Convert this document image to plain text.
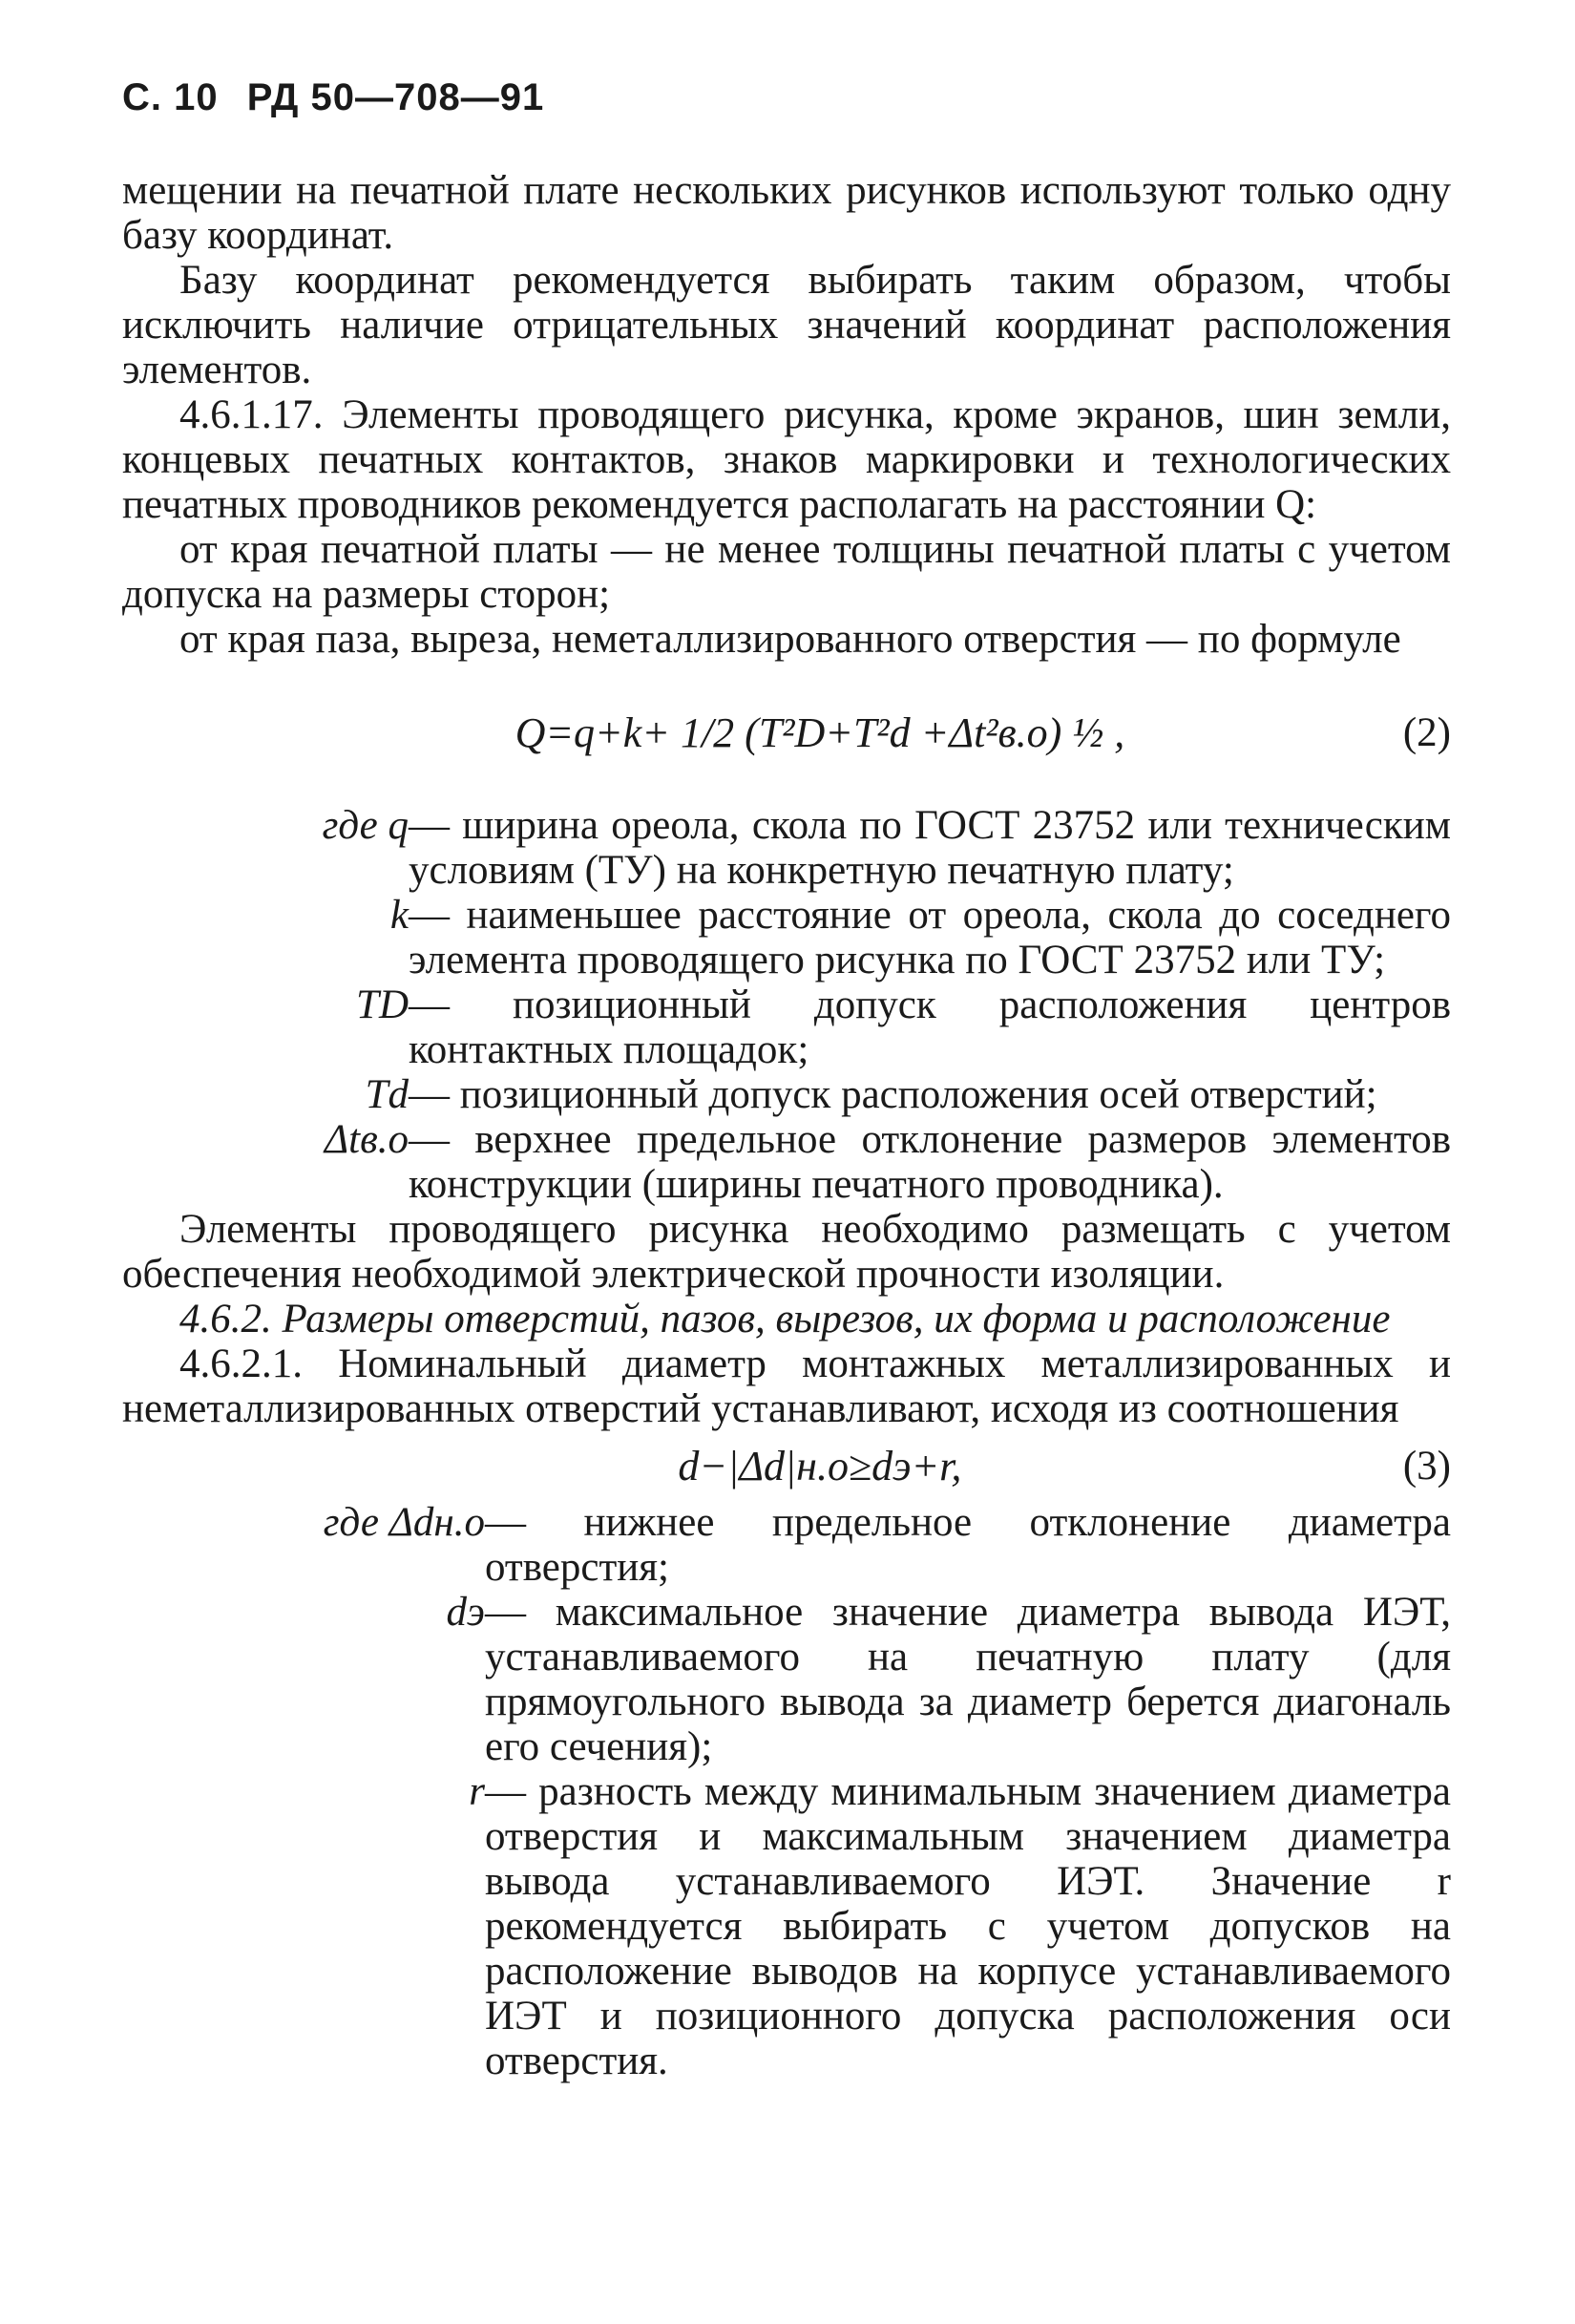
С. 10 РД 50—708—91

мещении на печатной плате нескольких рисунков используют только одну базу координат.

Базу координат рекомендуется выбирать таким образом, чтобы исключить наличие отрицательных значений координат расположения элементов.

4.6.1.17. Элементы проводящего рисунка, кроме экранов, шин земли, концевых печатных контактов, знаков маркировки и технологических печатных проводников рекомендуется располагать на расстоянии Q:

от края печатной платы — не менее толщины печатной платы с учетом допуска на размеры сторон;

от края паза, выреза, неметаллизированного отверстия — по формуле

Q=q+k+ 1/2 (T²D+T²d +Δt²в.о) ½ ,	(2)
где q — ширина ореола, скола по ГОСТ 23752 или техническим условиям (ТУ) на конкретную печатную плату;
k — наименьшее расстояние от ореола, скола до соседнего элемента проводящего рисунка по ГОСТ 23752 или ТУ;
TD — позиционный допуск расположения центров контактных площадок;
Td — позиционный допуск расположения осей отверстий;
Δtв.о — верхнее предельное отклонение размеров элементов конструкции (ширины печатного проводника).

Элементы проводящего рисунка необходимо размещать с учетом обеспечения необходимой электрической прочности изоляции.

4.6.2. Размеры отверстий, пазов, вырезов, их форма и расположение

4.6.2.1. Номинальный диаметр монтажных металлизированных и неметаллизированных отверстий устанавливают, исходя из соотношения

d−|Δd|н.о≥dэ+r,	(3)
где Δdн.о — нижнее предельное отклонение диаметра отверстия;
dэ — максимальное значение диаметра вывода ИЭТ, устанавливаемого на печатную плату (для прямоугольного вывода за диаметр берется диагональ его сечения);
r — разность между минимальным значением диаметра отверстия и максимальным значением диаметра вывода устанавливаемого ИЭТ. Значение r рекомендуется выбирать с учетом допусков на расположение выводов на корпусе устанавливаемого ИЭТ и позиционного допуска расположения оси отверстия.
